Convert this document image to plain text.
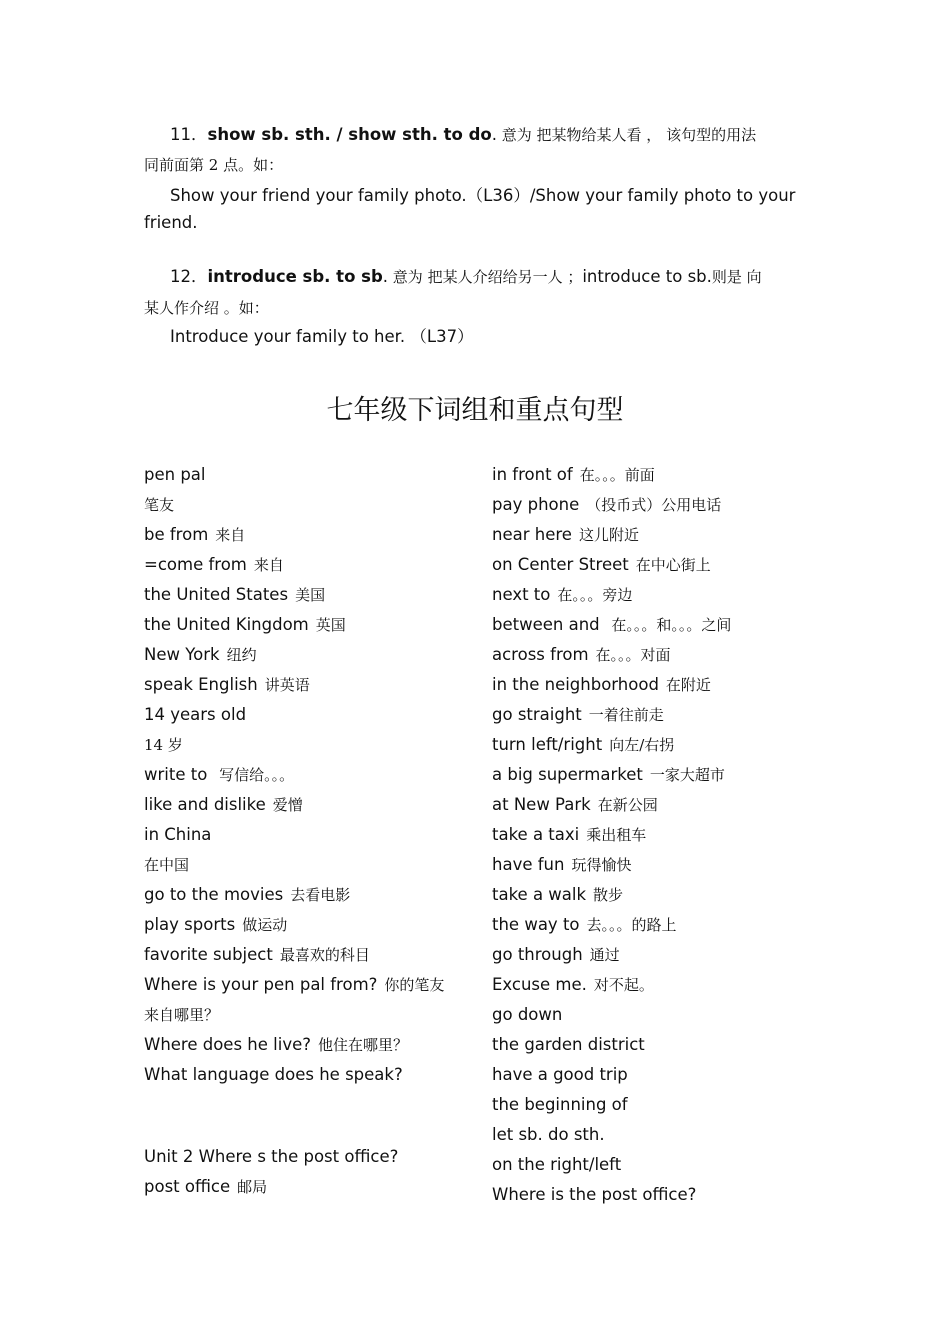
11．show sb. sth. / show sth. to do. 意为 把某物给某人看 ， 该句型的用法
同前面第 2 点。如：
Show your friend your family photo.（L36）/Show your family photo to your
friend.
12．introduce sb. to sb. 意为 把某人介绍给另一人 ；introduce to sb.则是 向
某人作介绍 。如：
Introduce your family to her. （L37）
七年级下词组和重点句型
pen pal
笔友
be from 来自
=come from 来自
the United States 美国
the United Kingdom 英国
New York 纽约
speak English 讲英语
14 years old
14 岁
write to 写信给。。。
like and dislike 爱憎
in China
在中国
go to the movies 去看电影
play sports 做运动
favorite subject 最喜欢的科目
Where is your pen pal from? 你的笔友
来自哪里？
Where does he live? 他住在哪里？
What language does he speak?
Unit 2 Where s the post office?
post office 邮局
in front of 在。。。前面
pay phone （投币式）公用电话
near here 这儿附近
on Center Street 在中心街上
next to 在。。。旁边
between and 在。。。和。。。之间
across from 在。。。对面
in the neighborhood 在附近
go straight 一着往前走
turn left/right 向左/右拐
a big supermarket 一家大超市
at New Park 在新公园
take a taxi 乘出租车
have fun 玩得愉快
take a walk 散步
the way to 去。。。的路上
go through 通过
Excuse me. 对不起。
go down
the garden district
have a good trip
the beginning of
let sb. do sth.
on the right/left
Where is the post office?
